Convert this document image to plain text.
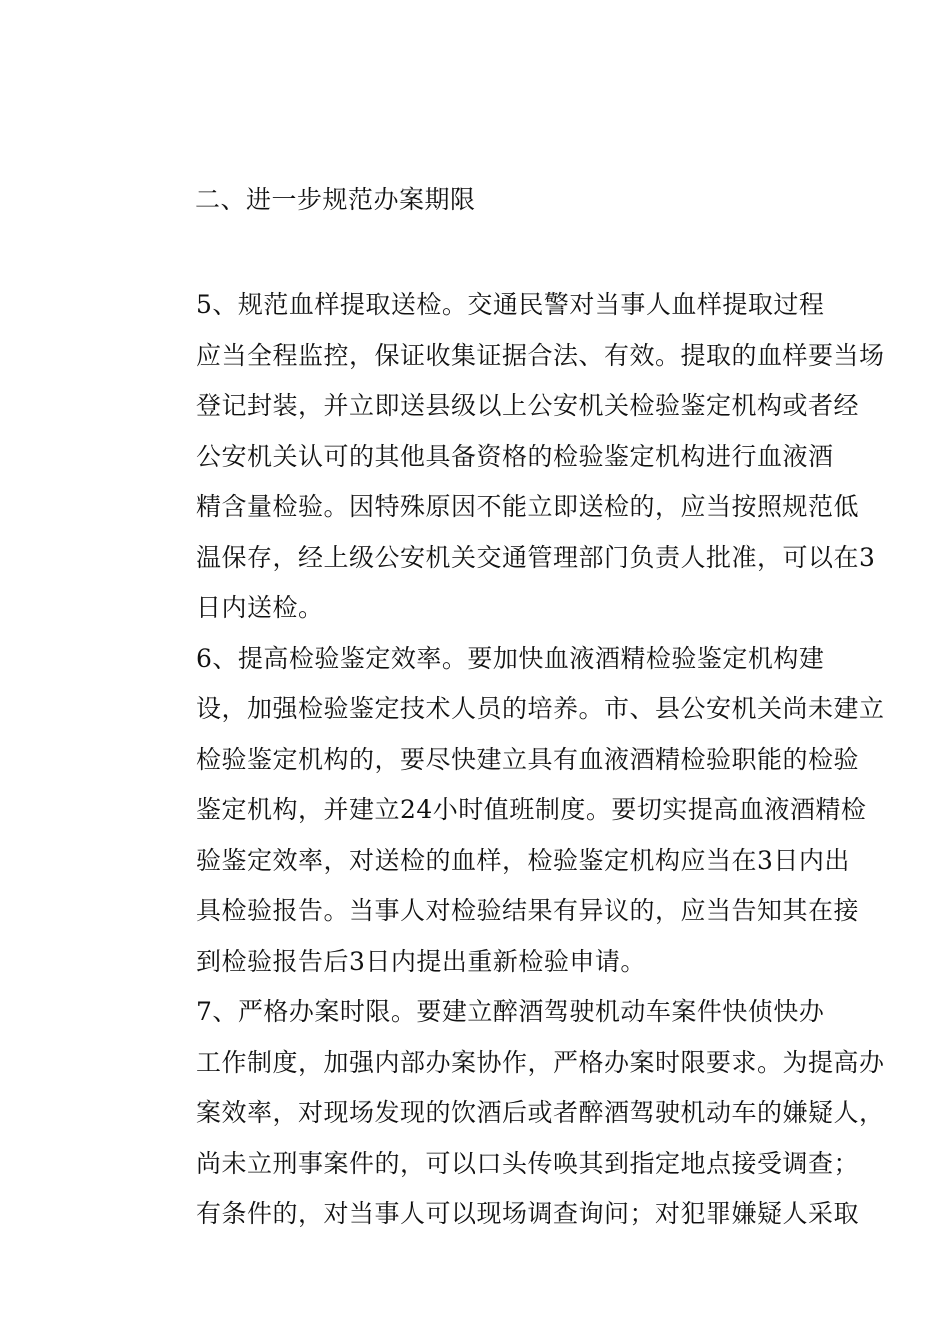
二、进一步规范办案期限

5、规范血样提取送检。交通民警对当事人血样提取过程
应当全程监控，保证收集证据合法、有效。提取的血样要当场
登记封装，并立即送县级以上公安机关检验鉴定机构或者经
公安机关认可的其他具备资格的检验鉴定机构进行血液酒
精含量检验。因特殊原因不能立即送检的，应当按照规范低
温保存，经上级公安机关交通管理部门负责人批准，可以在3
日内送检。

6、提高检验鉴定效率。要加快血液酒精检验鉴定机构建
设，加强检验鉴定技术人员的培养。市、县公安机关尚未建立
检验鉴定机构的，要尽快建立具有血液酒精检验职能的检验
鉴定机构，并建立24小时值班制度。要切实提高血液酒精检
验鉴定效率，对送检的血样，检验鉴定机构应当在3日内出
具检验报告。当事人对检验结果有异议的，应当告知其在接
到检验报告后3日内提出重新检验申请。

7、严格办案时限。要建立醉酒驾驶机动车案件快侦快办
工作制度，加强内部办案协作，严格办案时限要求。为提高办
案效率，对现场发现的饮酒后或者醉酒驾驶机动车的嫌疑人，
尚未立刑事案件的，可以口头传唤其到指定地点接受调查；
有条件的，对当事人可以现场调查询问；对犯罪嫌疑人采取
